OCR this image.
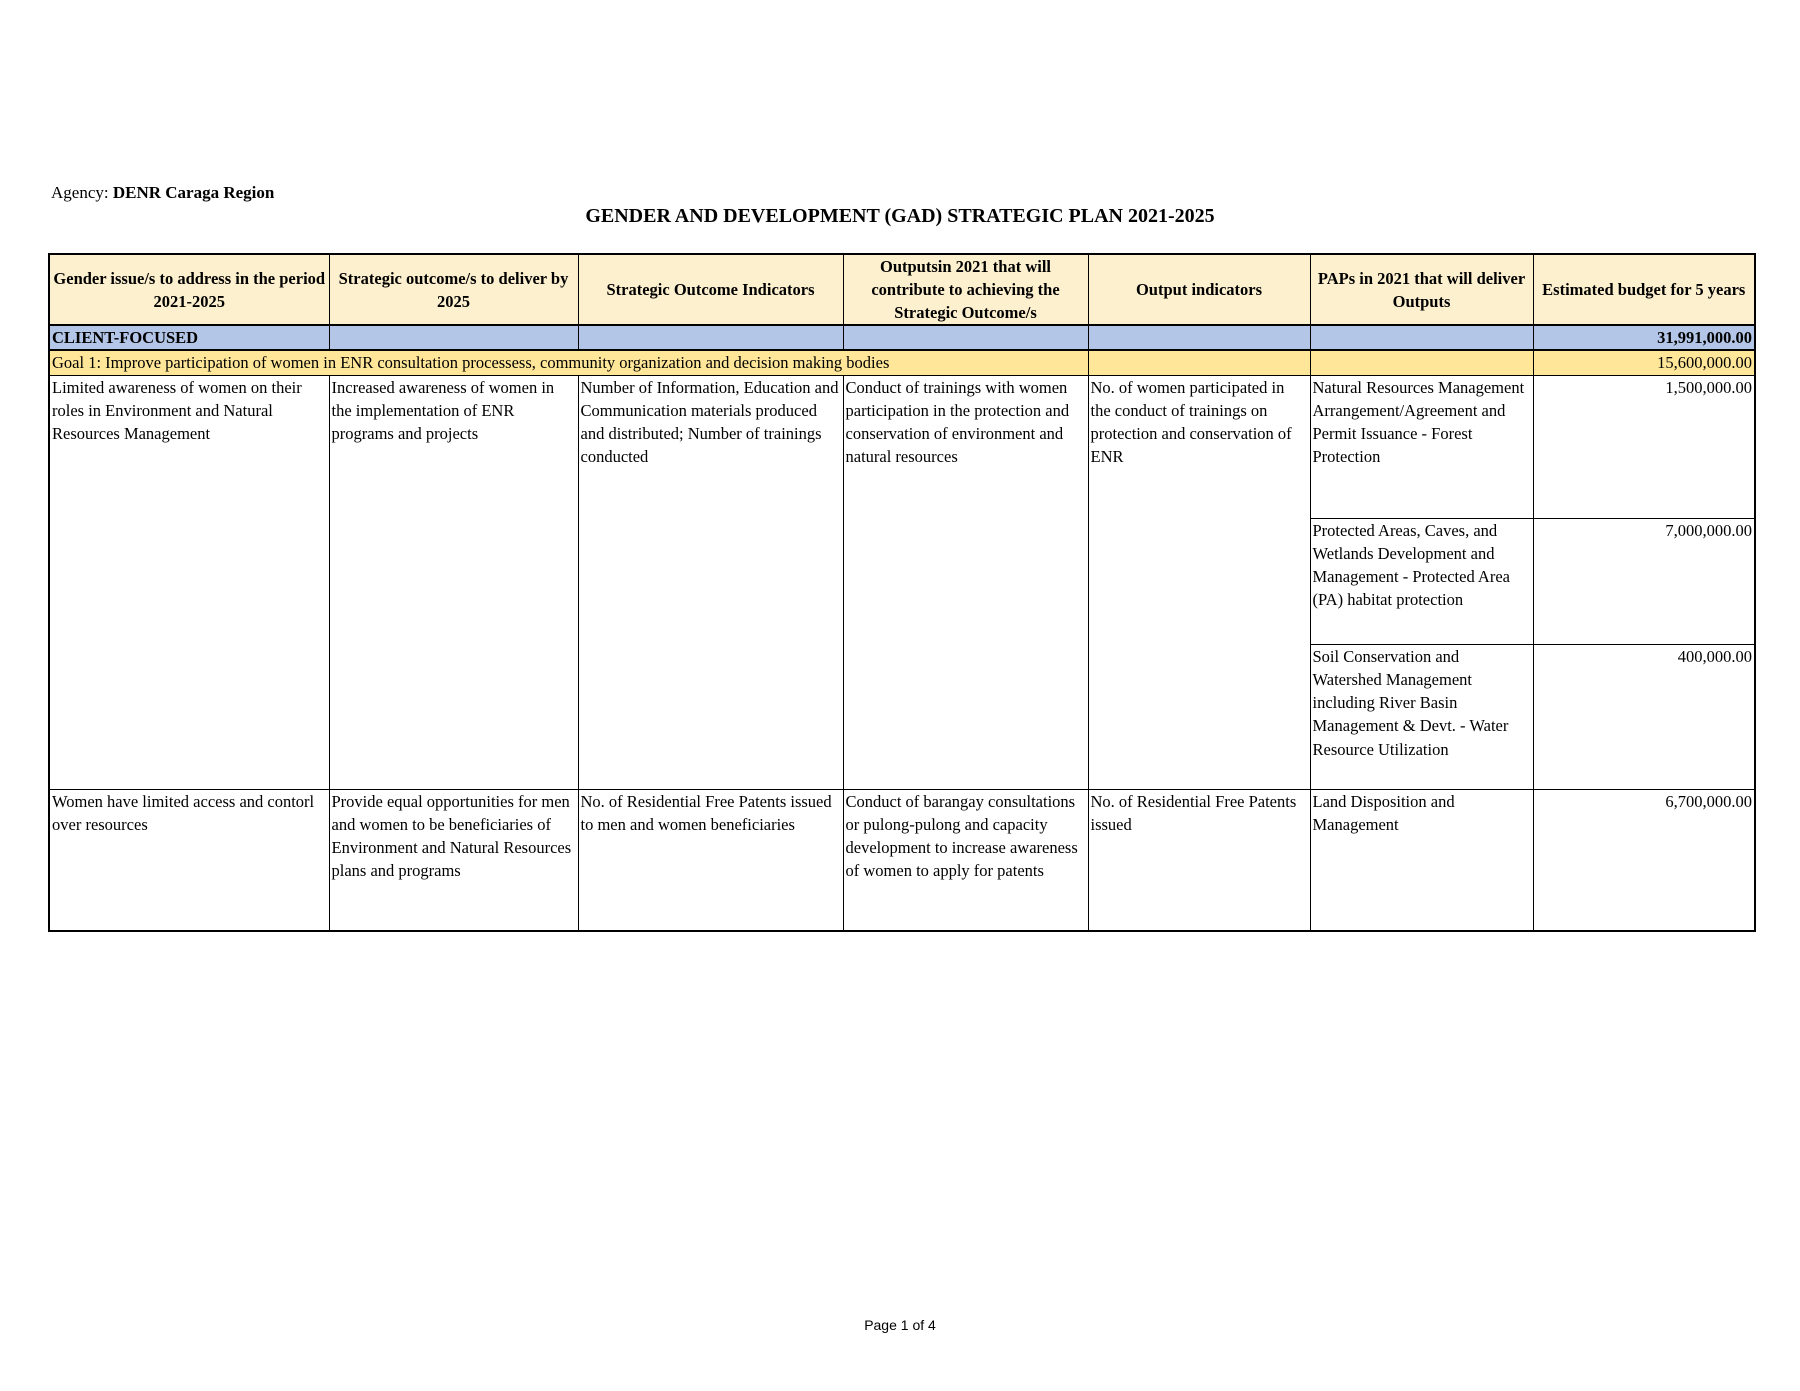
Agency: DENR Caraga Region
GENDER AND DEVELOPMENT (GAD) STRATEGIC PLAN 2021-2025
Gender issue/s to address in the period 2021-2025	Strategic outcome/s to deliver by 2025	Strategic Outcome Indicators	Outputsin 2021 that will contribute to achieving the Strategic Outcome/s	Output indicators	PAPs in 2021 that will deliver Outputs	Estimated budget for 5 years
CLIENT-FOCUSED						31,991,000.00
Goal 1: Improve participation of women in ENR consultation processess, community organization and decision making bodies						15,600,000.00
Limited awareness of women on their roles in Environment and Natural Resources Management	Increased awareness of women in the implementation of ENR programs and projects	Number of Information, Education and Communication materials produced and distributed; Number of trainings conducted	Conduct of trainings with women participation in the protection and conservation of environment and natural resources	No. of women participated in the conduct of trainings on protection and conservation of ENR	Natural Resources Management Arrangement/Agreement and Permit Issuance - Forest Protection	1,500,000.00
					Protected Areas, Caves, and Wetlands Development and Management - Protected Area (PA) habitat protection	7,000,000.00
					Soil Conservation and Watershed Management including River Basin Management & Devt. - Water Resource Utilization	400,000.00
Women have limited access and contorl over resources	Provide equal opportunities for men and women to be beneficiaries of Environment and Natural Resources plans and programs	No. of Residential Free Patents issued to men and women beneficiaries	Conduct of barangay consultations or pulong-pulong and capacity development to increase awareness of women to apply for patents	No. of Residential Free Patents issued	Land Disposition and Management	6,700,000.00
Page 1 of 4
